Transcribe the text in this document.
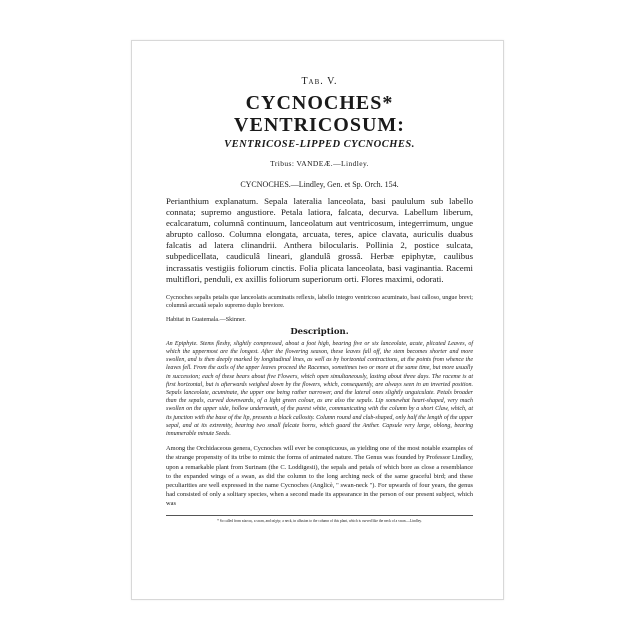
Tab. V.

CYCNOCHES* VENTRICOSUM:

VENTRICOSE-LIPPED CYCNOCHES.

Tribus: VANDEÆ.—Lindley.

CYCNOCHES.—Lindley, Gen. et Sp. Orch. 154.

Perianthium explanatum. Sepala lateralia lanceolata, basi paululum sub labello connata; supremo angustiore. Petala latiora, falcata, decurva. Labellum liberum, ecalcaratum, columnâ continuum, lanceolatum aut ventricosum, integerrimum, ungue abrupto calloso. Columna elongata, arcuata, teres, apice clavata, auriculis duabus falcatis ad latera clinandrii. Anthera bilocularis. Pollinia 2, postice sulcata, subpedicellata, caudiculâ lineari, glandulâ grossâ. Herbæ epiphytæ, caulibus incrassatis vestigiis foliorum cinctis. Folia plicata lanceolata, basi vaginantia. Racemi multiflori, penduli, ex axillis foliorum superiorum orti. Flores maximi, odorati.

Cycnoches sepalis petalis que lanceolatis acuminatis reflexis, labello integro ventricoso acuminato, basi calloso, ungue brevi; columnâ arcuatâ sepalo supremo duplo breviore.

Habitat in Guatemala.—Skinner.

Description.

An Epiphyte. Stems fleshy, slightly compressed, about a foot high, bearing five or six lanceolate, acute, plicated Leaves, of which the uppermost are the longest. After the flowering season, these leaves fall off, the stem becomes shorter and more swollen, and is then deeply marked by longitudinal lines, as well as by horizontal contractions, at the points from whence the leaves fell. From the axils of the upper leaves proceed the Racemes, sometimes two or more at the same time, but more usually in succession; each of these bears about five Flowers, which open simultaneously, lasting about three days. The raceme is at first horizontal, but is afterwards weighed down by the flowers, which, consequently, are always seen in an inverted position. Sepals lanceolate, acuminate, the upper one being rather narrower, and the lateral ones slightly unguiculate. Petals broader than the sepals, curved downwards, of a light green colour, as are also the sepals. Lip somewhat heart-shaped, very much swollen on the upper side, hollow underneath, of the purest white, communicating with the column by a short Claw, which, at its junction with the base of the lip, presents a black callosity. Column round and club-shaped, only half the length of the upper sepal, and at its extremity, bearing two small falcate horns, which guard the Anther. Capsule very large, oblong, bearing innumerable minute Seeds.

Among the Orchidaceous genera, Cycnoches will ever be conspicuous, as yielding one of the most notable examples of the strange propensity of its tribe to mimic the forms of animated nature. The Genus was founded by Professor Lindley, upon a remarkable plant from Surinam (the C. Loddigesii), the sepals and petals of which bore as close a resemblance to the expanded wings of a swan, as did the column to the long arching neck of the same graceful bird; and these peculiarities are well expressed in the name Cycnoches (Anglicè, " swan-neck "). For upwards of four years, the genus had consisted of only a solitary species, when a second made its appearance in the person of our present subject, which was

* So called from κύκνος, a swan, and αὐχὴν, a neck, in allusion to the column of this plant, which is curved like the neck of a swan.—Lindley.
